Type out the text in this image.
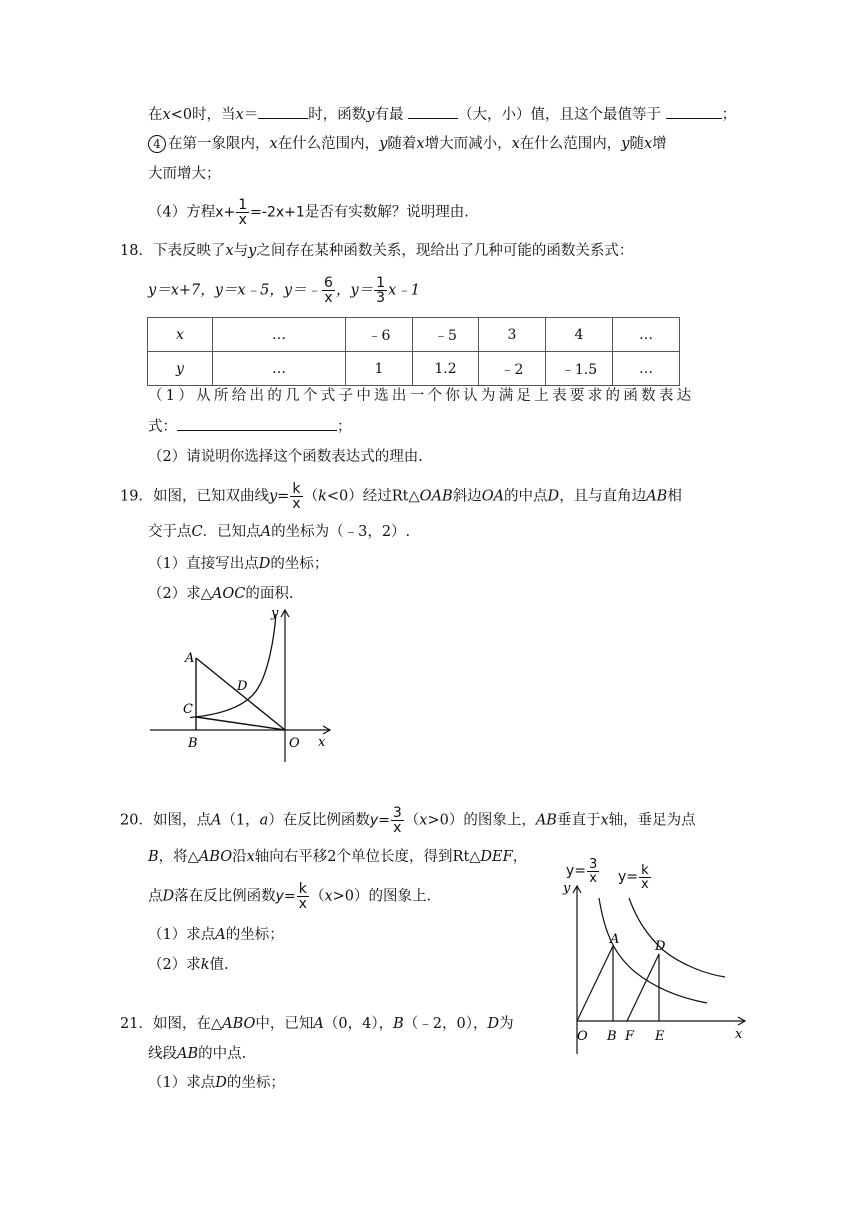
在x<0时，当x＝	时，函数y有最	（大，小）值，且这个最值等于	；
4 在第一象限内，x在什么范围内，y随着x增大而减小，x在什么范围内，y随x增
大而增大；
（4）方程$x+ \frac{1}{x} =-2x+1$是否有实数解？说明理由.
18．下表反映了x与y之间存在某种函数关系，现给出了几种可能的函数关系式：
y＝x+7，y＝x﹣5，y＝﹣ $\frac{6}{x}$ ，$y= \frac{1}{3}$ x﹣1
x	…	﹣6	﹣5	3	4	…
y	…	1	1.2	﹣2	﹣1.5	…
（1）从所给出的几个式子中选出一个你认为满足上表要求的函数表达
式：	；
（2）请说明你选择这个函数表达式的理由.
19．如图，已知双曲线$y= \frac{k}{x} (k<0)$经过Rt△OAB斜边OA的中点D，且与直角边AB相
交于点C．已知点A的坐标为（﹣3，2）.
（1）直接写出点D的坐标；
（2）求△AOC的面积.
y
x
A
D
C
B	O
20．如图，点A（1，a）在反比例函数$y= \frac{3}{x} (x>0)$的图象上，AB垂直于x轴，垂足为点
B，将△ABO沿x轴向右平移2个单位长度，得到Rt△DEF，
点D落在反比例函数$y= \frac{k}{x} (x>0)$的图象上.
（1）求点A的坐标；
（2）求k值.
$y= \frac{3}{x} y= \frac{k}{x}$
y
x
A	D
O B F E
21．如图，在△ABO中，已知A（0，4），B（﹣2，0），D为
线段AB的中点.
（1）求点D的坐标；
